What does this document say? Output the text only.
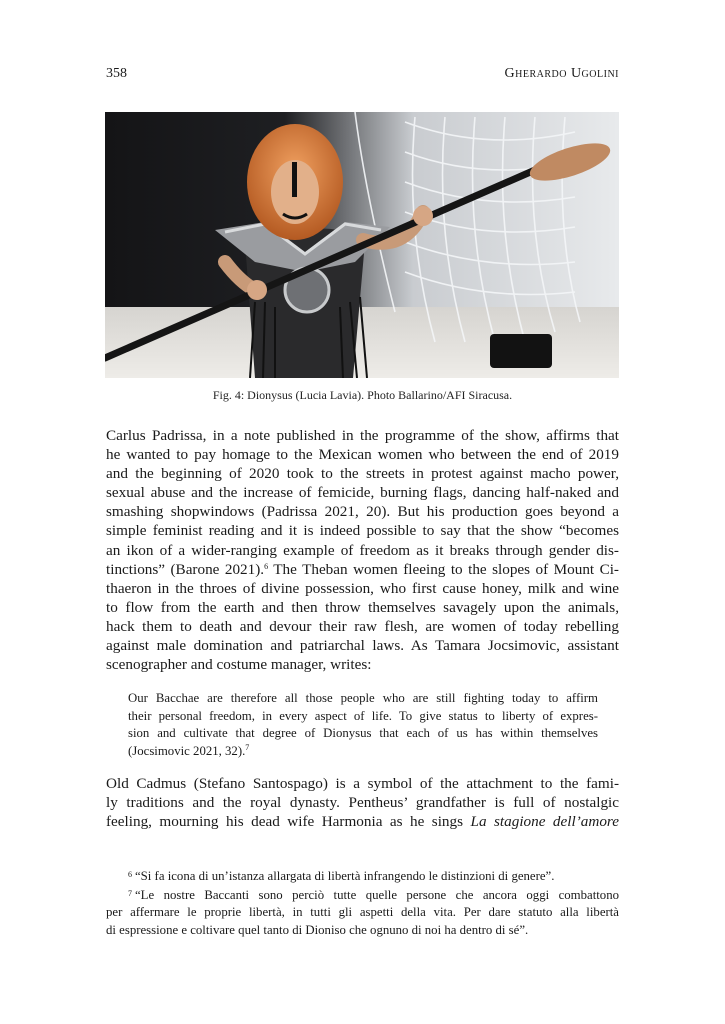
358	Gherardo Ugolini
Fig. 4: Dionysus (Lucia Lavia). Photo Ballarino/AFI Siracusa.
Carlus Padrissa, in a note published in the programme of the show, affirms that
he wanted to pay homage to the Mexican women who between the end of 2019
and the beginning of 2020 took to the streets in protest against macho power,
sexual abuse and the increase of femicide, burning flags, dancing half-naked and
smashing shopwindows (Padrissa 2021, 20). But his production goes beyond a
simple feminist reading and it is indeed possible to say that the show “becomes
an ikon of a wider-ranging example of freedom as it breaks through gender dis-
tinctions” (Barone 2021).$^6$ The Theban women fleeing to the slopes of Mount Ci-
thaeron in the throes of divine possession, who first cause honey, milk and wine
to flow from the earth and then throw themselves savagely upon the animals,
hack them to death and devour their raw flesh, are women of today rebelling
against male domination and patriarchal laws. As Tamara Jocsimovic, assistant
scenographer and costume manager, writes:
Our Bacchae are therefore all those people who are still fighting today to affirm
their personal freedom, in every aspect of life. To give status to liberty of expres-
sion and cultivate that degree of Dionysus that each of us has within themselves
(Jocsimovic 2021, 32).$^7$
Old Cadmus (Stefano Santospago) is a symbol of the attachment to the fami-
ly traditions and the royal dynasty. Pentheus’ grandfather is full of nostalgic
feeling, mourning his dead wife Harmonia as he sings La stagione dell’amore
$^6$ “Si fa icona di un’istanza allargata di libertà infrangendo le distinzioni di genere”.
$^7$ “Le nostre Baccanti sono perciò tutte quelle persone che ancora oggi combattono
per affermare le proprie libertà, in tutti gli aspetti della vita. Per dare statuto alla libertà
di espressione e coltivare quel tanto di Dioniso che ognuno di noi ha dentro di sé”.
